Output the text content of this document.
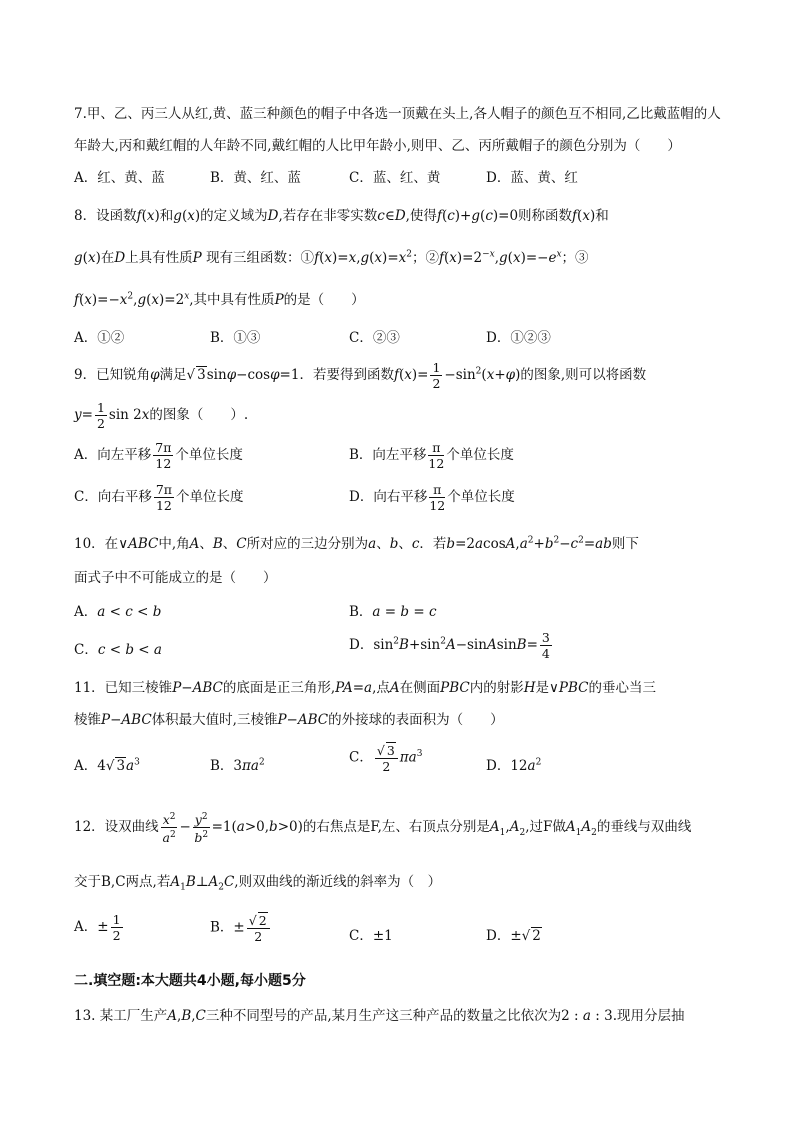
7.甲、乙、丙三人从红,黄、蓝三种颜色的帽子中各选一顶戴在头上,各人帽子的颜色互不相同,乙比戴蓝帽的人
年龄大,丙和戴红帽的人年龄不同,戴红帽的人比甲年龄小,则甲、乙、丙所戴帽子的颜色分别为（　　）
A．红、黄、蓝	B．黄、红、蓝	C．蓝、红、黄	D．蓝、黄、红
8．设函数f(x)和g(x)的定义域为D,若存在非零实数c∈D,使得f(c)+g(c)=0则称函数f(x)和
g(x)在D上具有性质P 现有三组函数：$①f(x)=x,g(x)=x^2$；$②f(x)=2^{-x},g(x)=-e^x$；③
$f(x)=-x^2,g(x)=2^x$,其中具有性质P的是（　　）
A．①②	B．①③	C．②③	D．①②③
9．已知锐角φ满足√ 3sinφ−cosφ=1．若要得到函数$f(x)= \frac{1}{2} -\sin^2(x+\varphi)$的图象,则可以将函数
$y= \frac{1}{2}$ sin 2x的图象（　　）.
A．向左平移 $\frac{7\pi}{12}$ 个单位长度	B．向左平移 $\frac{\pi}{12}$ 个单位长度
C．向右平移 $\frac{7\pi}{12}$ 个单位长度	D．向右平移 $\frac{\pi}{12}$ 个单位长度
10．在∨ABC中,角A、B、C所对应的三边分别为a、b、c．若$b=2acosA,a^2+b^2-c^2=ab$则下
面式子中不可能成立的是（　　）
A．a < c < b	B．a = b = c
C．c < b < a	D．$\sin^2B+\sin^2A-sinAsinB= \frac{3}{4}$
11．已知三棱锥P−ABC的底面是正三角形,PA=a,点A在侧面PBC内的射影H是∨PBC的垂心当三
棱锥P−ABC体积最大值时,三棱锥P−ABC的外接球的表面积为（　　）
A．4√ $3a^3$	B．$3\pi a^2$	C． $\frac{√ 3}{2} \pi a^3$
D．$12a^2$
12．设双曲线 $\frac{x^2}{a^2} - \frac{y^2}{b^2} =1(a>0,b>0)$的右焦点是F,左、右顶点分别是$A_1,A_2$,过F做$A_1A_2$的垂线与双曲线
交于B,C两点,若$A_1B\perp A_2C$,则双曲线的渐近线的斜率为（　）
A．± $\frac{1}{2}$	B．± $\frac{√ 2}{2}$	C．±1	D．±√ 2
二.填空题:本大题共4小题,每小题5分
13. 某工厂生产A,B,C三种不同型号的产品,某月生产这三种产品的数量之比依次为2 : a : 3.现用分层抽
